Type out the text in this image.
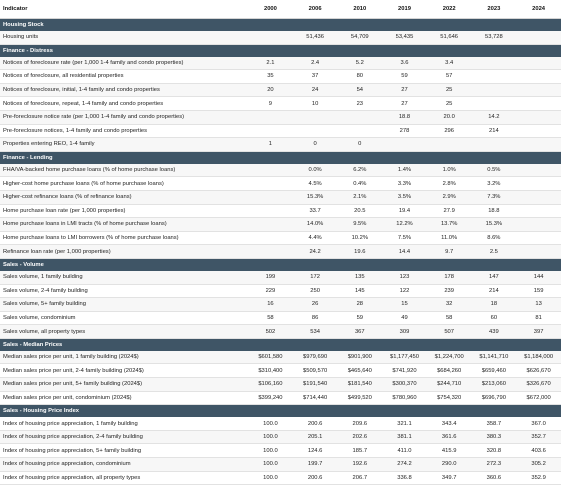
Indicator	2000	2006	2010	2019	2022	2023	2024
Housing Stock							
Housing units		51,436	54,709	53,435	51,646	53,728	
Finance - Distress							
Notices of foreclosure rate (per 1,000 1-4 family and condo properties)	2.1	2.4	5.2	3.6	3.4		
Notices of foreclosure, all residential properties	35	37	80	59	57		
Notices of foreclosure, initial, 1-4 family and condo properties	20	24	54	27	25		
Notices of foreclosure, repeat, 1-4 family and condo properties	9	10	23	27	25		
Pre-foreclosure notice rate (per 1,000 1-4 family and condo properties)				18.8	20.0	14.2	
Pre-foreclosure notices, 1-4 family and condo properties				278	296	214	
Properties entering REO, 1-4 family	1	0	0				
Finance - Lending							
FHA/VA-backed home purchase loans (% of home purchase loans)		0.0%	6.2%	1.4%	1.0%	0.5%	
Higher-cost home purchase loans (% of home purchase loans)		4.5%	0.4%	3.3%	2.8%	3.2%	
Higher-cost refinance loans (% of refinance loans)		15.3%	2.1%	3.5%	2.9%	7.3%	
Home purchase loan rate (per 1,000 properties)		33.7	20.5	19.4	27.9	18.8	
Home purchase loans in LMI tracts (% of home purchase loans)		14.0%	9.5%	12.2%	13.7%	15.3%	
Home purchase loans to LMI borrowers (% of home purchase loans)		4.4%	10.2%	7.5%	11.0%	8.6%	
Refinance loan rate (per 1,000 properties)		24.2	19.6	14.4	9.7	2.5	
Sales - Volume							
Sales volume, 1 family building	199	172	135	123	178	147	144
Sales volume, 2-4 family building	229	250	145	122	239	214	159
Sales volume, 5+ family building	16	26	28	15	32	18	13
Sales volume, condominium	58	86	59	49	58	60	81
Sales volume, all property types	502	534	367	309	507	439	397
Sales - Median Prices							
Median sales price per unit, 1 family building (2024$)	$601,580	$979,690	$901,900	$1,177,450	$1,224,700	$1,141,710	$1,184,000
Median sales price per unit, 2-4 family building (2024$)	$310,400	$509,570	$465,640	$741,920	$684,260	$659,460	$626,670
Median sales price per unit, 5+ family building (2024$)	$106,160	$191,540	$181,540	$300,370	$244,710	$213,060	$326,670
Median sales price per unit, condominium (2024$)	$399,240	$714,440	$499,520	$780,960	$754,320	$696,790	$672,000
Sales - Housing Price Index							
Index of housing price appreciation, 1 family building	100.0	200.6	209.6	321.1	343.4	358.7	367.0
Index of housing price appreciation, 2-4 family building	100.0	205.1	202.6	381.1	361.6	380.3	352.7
Index of housing price appreciation, 5+ family building	100.0	124.6	185.7	411.0	415.9	320.8	403.6
Index of housing price appreciation, condominium	100.0	199.7	192.6	274.2	290.0	272.3	305.2
Index of housing price appreciation, all property types	100.0	200.6	206.7	336.8	349.7	360.6	352.9
